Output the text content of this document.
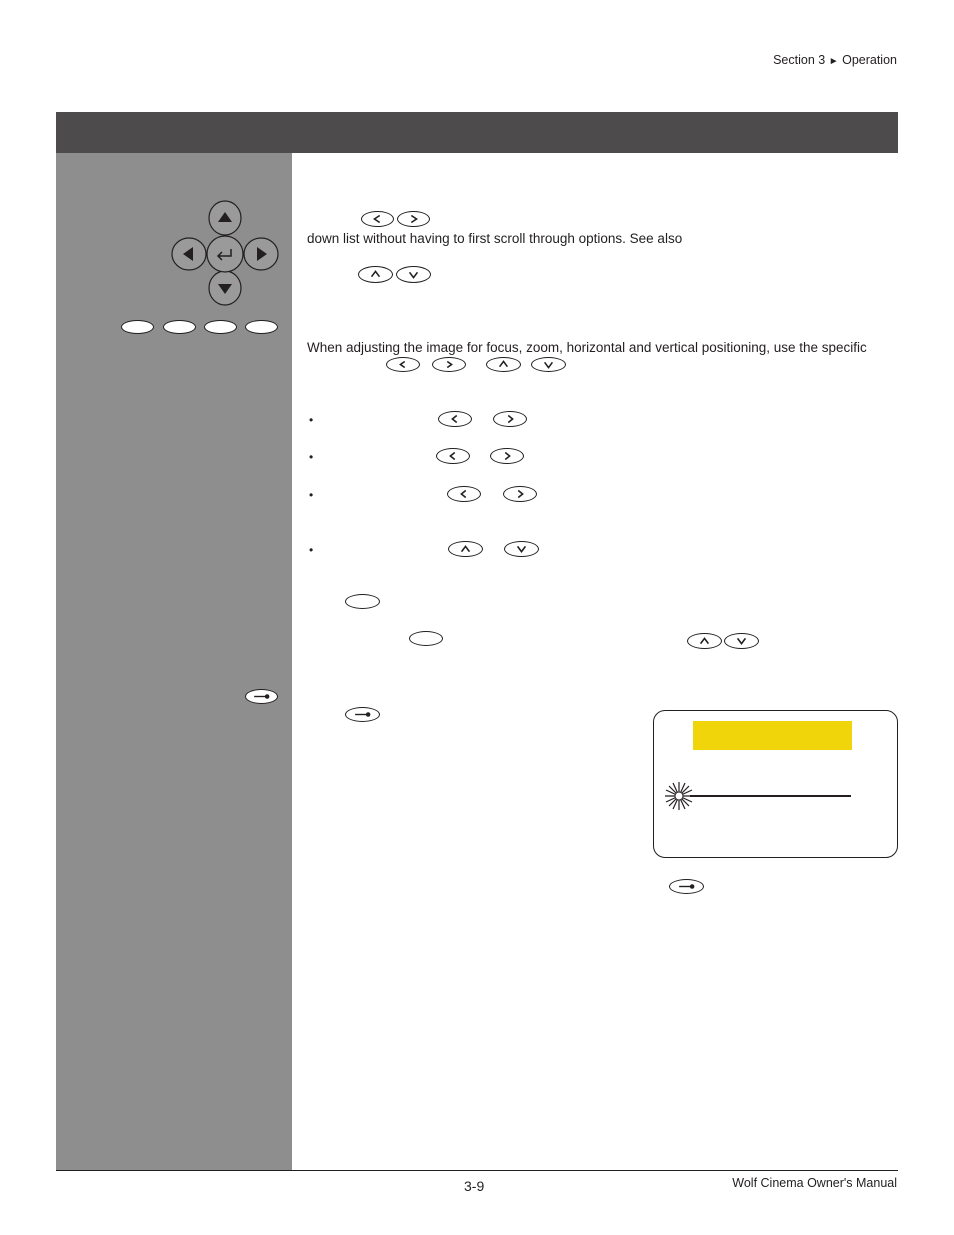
Section 3 ► Operation
down list without having to first scroll through options. See also
When adjusting the image for focus, zoom, horizontal and vertical positioning, use the specific
•
•
•
•
3-9	Wolf Cinema Owner's Manual
